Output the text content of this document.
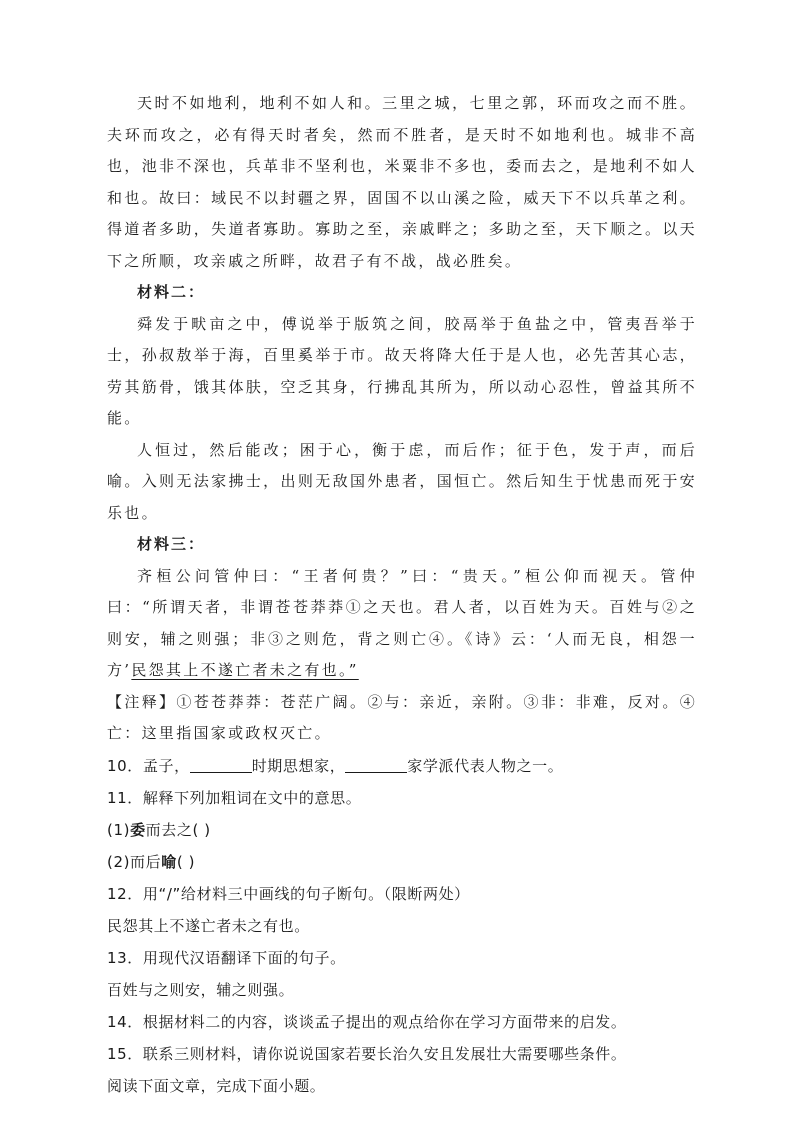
天时不如地利，地利不如人和。三里之城，七里之郭，环而攻之而不胜。夫环而攻之，必有得天时者矣，然而不胜者，是天时不如地利也。城非不高也，池非不深也，兵革非不坚利也，米粟非不多也，委而去之，是地利不如人和也。故曰：域民不以封疆之界，固国不以山溪之险，威天下不以兵革之利。得道者多助，失道者寡助。寡助之至，亲戚畔之；多助之至，天下顺之。以天下之所顺，攻亲戚之所畔，故君子有不战，战必胜矣。

材料二：

舜发于畎亩之中，傅说举于版筑之间，胶鬲举于鱼盐之中，管夷吾举于士，孙叔敖举于海，百里奚举于市。故天将降大任于是人也，必先苦其心志，劳其筋骨，饿其体肤，空乏其身，行拂乱其所为，所以动心忍性，曾益其所不能。

人恒过，然后能改；困于心，衡于虑，而后作；征于色，发于声，而后喻。入则无法家拂士，出则无敌国外患者，国恒亡。然后知生于忧患而死于安乐也。

材料三：

齐桓公问管仲曰：“王者何贵？”曰：“贵天。”桓公仰而视天。管仲曰：“所谓天者，非谓苍苍莽莽①之天也。君人者，以百姓为天。百姓与②之则安，辅之则强；非③之则危，背之则亡④。《诗》云：‘人而无良，相怨一方’民怨其上不遂亡者未之有也。”

【注释】①苍苍莽莽：苍茫广阔。②与：亲近，亲附。③非：非难，反对。④亡：这里指国家或政权灭亡。

10．孟子，	时期思想家，	家学派代表人物之一。

11．解释下列加粗词在文中的意思。

(1)委而去之( )

(2)而后喻( )

12．用“/”给材料三中画线的句子断句。（限断两处）

民怨其上不遂亡者未之有也。

13．用现代汉语翻译下面的句子。

百姓与之则安，辅之则强。

14．根据材料二的内容，谈谈孟子提出的观点给你在学习方面带来的启发。

15．联系三则材料，请你说说国家若要长治久安且发展壮大需要哪些条件。

阅读下面文章，完成下面小题。
